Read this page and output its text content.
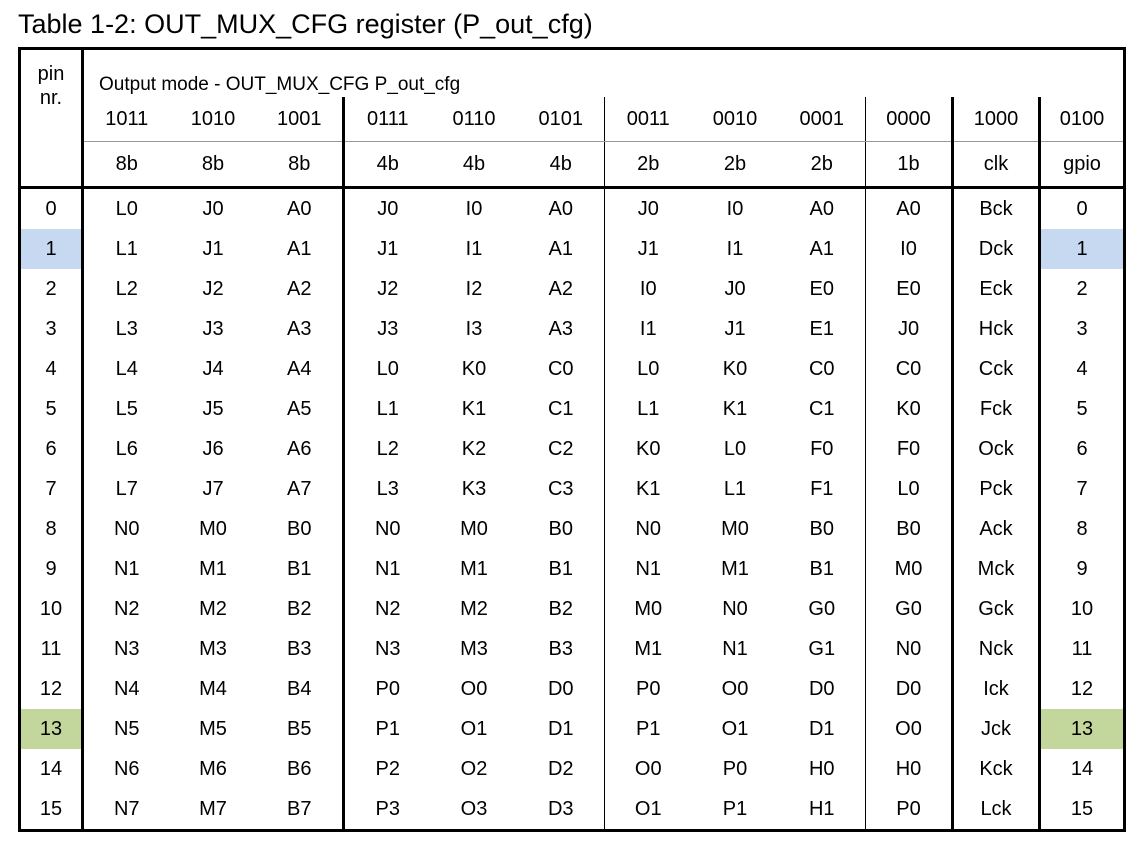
Table 1-2: OUT_MUX_CFG register (P_out_cfg)
pin
nr.	Output mode - OUT_MUX_CFG P_out_cfg											
	1011	1010	1001	0111	0110	0101	0011	0010	0001	0000	1000	0100
	8b	8b	8b	4b	4b	4b	2b	2b	2b	1b	clk	gpio
0	L0	J0	A0	J0	I0	A0	J0	I0	A0	A0	Bck	0
1	L1	J1	A1	J1	I1	A1	J1	I1	A1	I0	Dck	1
2	L2	J2	A2	J2	I2	A2	I0	J0	E0	E0	Eck	2
3	L3	J3	A3	J3	I3	A3	I1	J1	E1	J0	Hck	3
4	L4	J4	A4	L0	K0	C0	L0	K0	C0	C0	Cck	4
5	L5	J5	A5	L1	K1	C1	L1	K1	C1	K0	Fck	5
6	L6	J6	A6	L2	K2	C2	K0	L0	F0	F0	Ock	6
7	L7	J7	A7	L3	K3	C3	K1	L1	F1	L0	Pck	7
8	N0	M0	B0	N0	M0	B0	N0	M0	B0	B0	Ack	8
9	N1	M1	B1	N1	M1	B1	N1	M1	B1	M0	Mck	9
10	N2	M2	B2	N2	M2	B2	M0	N0	G0	G0	Gck	10
11	N3	M3	B3	N3	M3	B3	M1	N1	G1	N0	Nck	11
12	N4	M4	B4	P0	O0	D0	P0	O0	D0	D0	Ick	12
13	N5	M5	B5	P1	O1	D1	P1	O1	D1	O0	Jck	13
14	N6	M6	B6	P2	O2	D2	O0	P0	H0	H0	Kck	14
15	N7	M7	B7	P3	O3	D3	O1	P1	H1	P0	Lck	15
